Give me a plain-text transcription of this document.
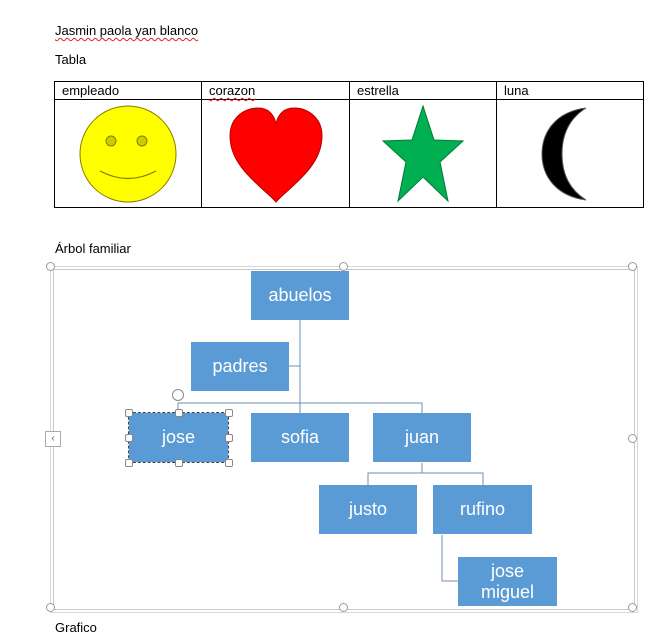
Jasmin paola yan blanco
Tabla
empleado	corazon	estrella	luna

Árbol familiar
‹
abuelos
padres
jose	sofia	juan
justo	rufino
jose miguel
Grafico
